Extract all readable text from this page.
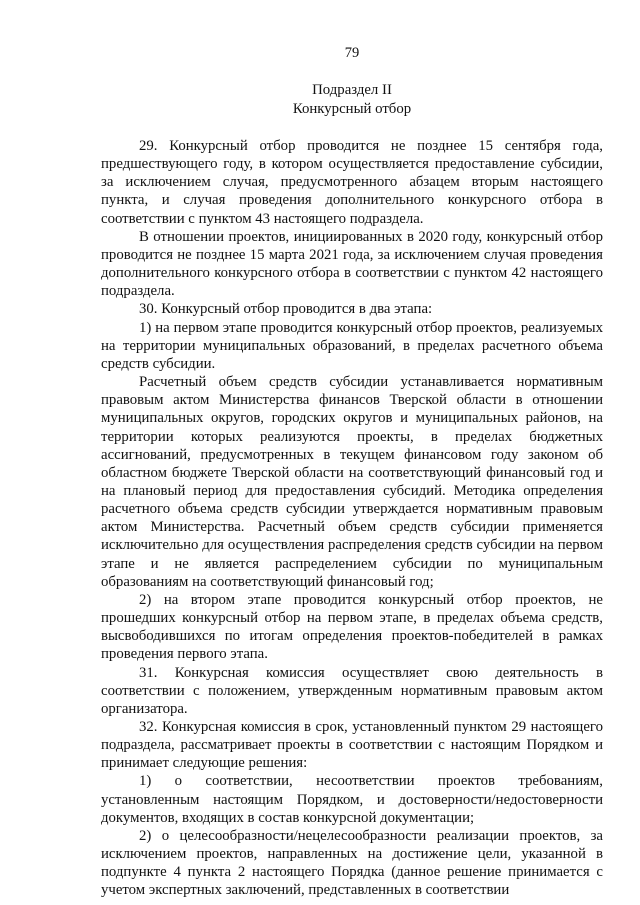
79
Подраздел II
Конкурсный отбор

29. Конкурсный отбор проводится не позднее 15 сентября года, предшествующего году, в котором осуществляется предоставление субсидии, за исключением случая, предусмотренного абзацем вторым настоящего пункта, и случая проведения дополнительного конкурсного отбора в соответствии с пунктом 43 настоящего подраздела.

В отношении проектов, инициированных в 2020 году, конкурсный отбор проводится не позднее 15 марта 2021 года, за исключением случая проведения дополнительного конкурсного отбора в соответствии с пунктом 42 настоящего подраздела.

30. Конкурсный отбор проводится в два этапа:

1) на первом этапе проводится конкурсный отбор проектов, реализуемых на территории муниципальных образований, в пределах расчетного объема средств субсидии.

Расчетный объем средств субсидии устанавливается нормативным правовым актом Министерства финансов Тверской области в отношении муниципальных округов, городских округов и муниципальных районов, на территории которых реализуются проекты, в пределах бюджетных ассигнований, предусмотренных в текущем финансовом году законом об областном бюджете Тверской области на соответствующий финансовый год и на плановый период для предоставления субсидий. Методика определения расчетного объема средств субсидии утверждается нормативным правовым актом Министерства. Расчетный объем средств субсидии применяется исключительно для осуществления распределения средств субсидии на первом этапе и не является распределением субсидии по муниципальным образованиям на соответствующий финансовый год;

2) на втором этапе проводится конкурсный отбор проектов, не прошедших конкурсный отбор на первом этапе, в пределах объема средств, высвободившихся по итогам определения проектов-победителей в рамках проведения первого этапа.

31. Конкурсная комиссия осуществляет свою деятельность в соответствии с положением, утвержденным нормативным правовым актом организатора.

32. Конкурсная комиссия в срок, установленный пунктом 29 настоящего подраздела, рассматривает проекты в соответствии с настоящим Порядком и принимает следующие решения:

1) о соответствии, несоответствии проектов требованиям, установленным настоящим Порядком, и достоверности/недостоверности документов, входящих в состав конкурсной документации;

2) о целесообразности/нецелесообразности реализации проектов, за исключением проектов, направленных на достижение цели, указанной в подпункте 4 пункта 2 настоящего Порядка (данное решение принимается с учетом экспертных заключений, представленных в соответствии
